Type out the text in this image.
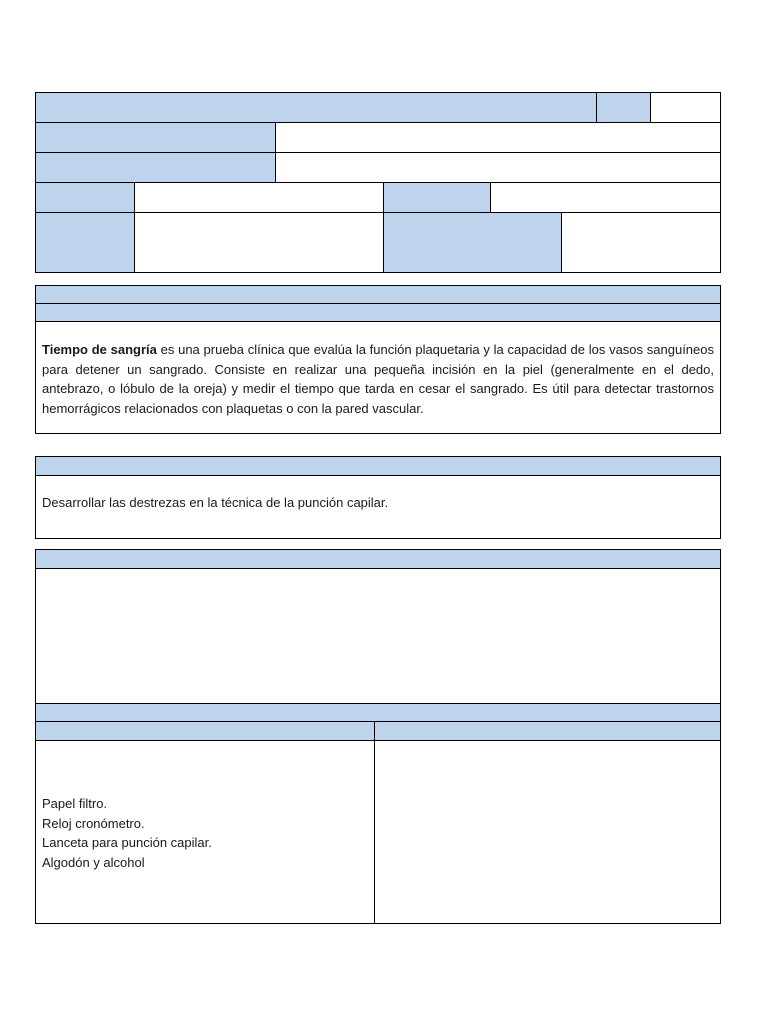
Tiempo de sangría es una prueba clínica que evalúa la función plaquetaria y la capacidad de los vasos sanguíneos para detener un sangrado. Consiste en realizar una pequeña incisión en la piel (generalmente en el dedo, antebrazo, o lóbulo de la oreja) y medir el tiempo que tarda en cesar el sangrado. Es útil para detectar trastornos hemorrágicos relacionados con plaquetas o con la pared vascular.
Desarrollar las destrezas en la técnica de la punción capilar.
Papel filtro.
Reloj cronómetro.
Lanceta para punción capilar.
Algodón y alcohol
